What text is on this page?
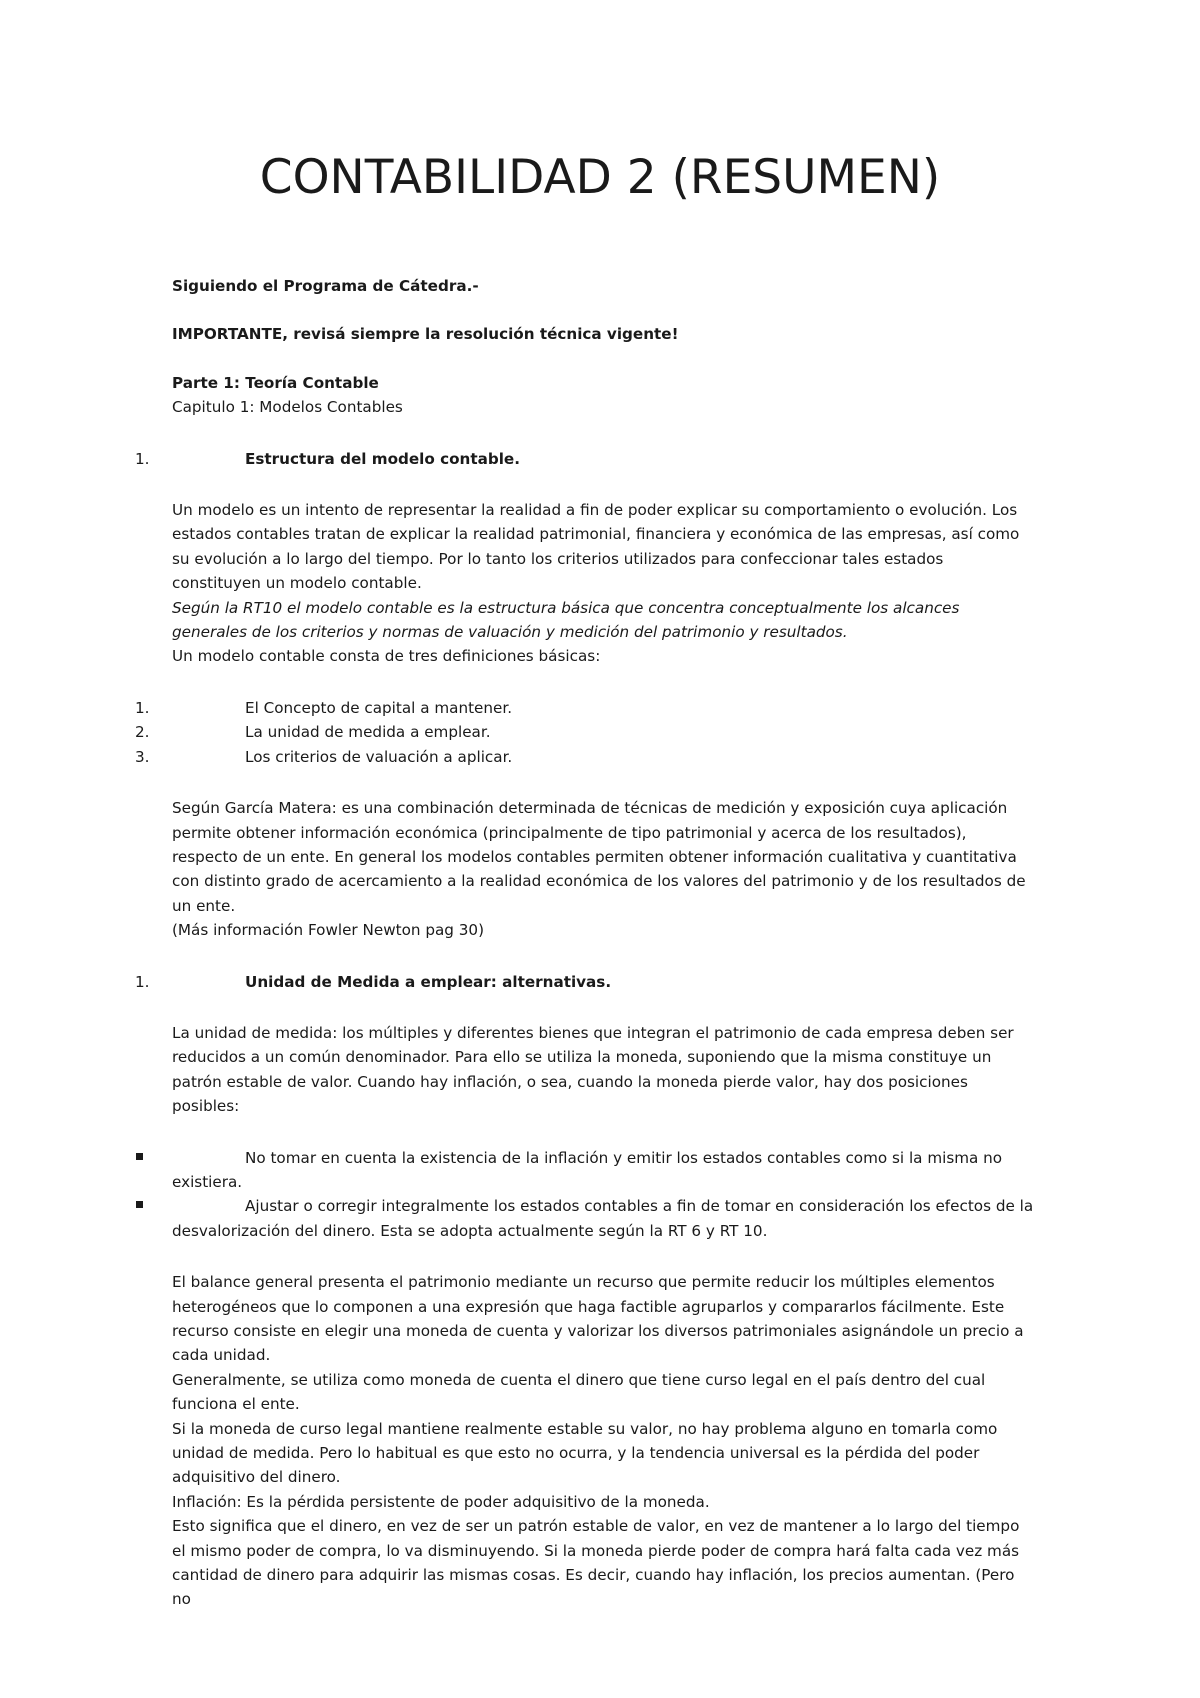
CONTABILIDAD 2 (RESUMEN)

Siguiendo el Programa de Cátedra.-

IMPORTANTE, revisá siempre la resolución técnica vigente!

Parte 1: Teoría Contable

Capitulo 1: Modelos Contables

1.	Estructura del modelo contable.

Un modelo es un intento de representar la realidad a fin de poder explicar su comportamiento o evolución. Los estados contables tratan de explicar la realidad patrimonial, financiera y económica de las empresas, así como su evolución a lo largo del tiempo. Por lo tanto los criterios utilizados para confeccionar tales estados constituyen un modelo contable.

Según la RT10 el modelo contable es la estructura básica que concentra conceptualmente los alcances generales de los criterios y normas de valuación y medición del patrimonio y resultados.

Un modelo contable consta de tres definiciones básicas:

1.	El Concepto de capital a mantener.
2.	La unidad de medida a emplear.
3.	Los criterios de valuación a aplicar.

Según García Matera: es una combinación determinada de técnicas de medición y exposición cuya aplicación permite obtener información económica (principalmente de tipo patrimonial y acerca de los resultados), respecto de un ente. En general los modelos contables permiten obtener información cualitativa y cuantitativa con distinto grado de acercamiento a la realidad económica de los valores del patrimonio y de los resultados de un ente.

(Más información Fowler Newton pag 30)

1.	Unidad de Medida a emplear: alternativas.

La unidad de medida: los múltiples y diferentes bienes que integran el patrimonio de cada empresa deben ser reducidos a un común denominador. Para ello se utiliza la moneda, suponiendo que la misma constituye un patrón estable de valor. Cuando hay inflación, o sea, cuando la moneda pierde valor, hay dos posiciones posibles:

No tomar en cuenta la existencia de la inflación y emitir los estados contables como si la misma no existiera.
Ajustar o corregir integralmente los estados contables a fin de tomar en consideración los efectos de la desvalorización del dinero. Esta se adopta actualmente según la RT 6 y RT 10.

El balance general presenta el patrimonio mediante un recurso que permite reducir los múltiples elementos heterogéneos que lo componen a una expresión que haga factible agruparlos y compararlos fácilmente. Este recurso consiste en elegir una moneda de cuenta y valorizar los diversos patrimoniales asignándole un precio a cada unidad.

Generalmente, se utiliza como moneda de cuenta el dinero que tiene curso legal en el país dentro del cual funciona el ente.

Si la moneda de curso legal mantiene realmente estable su valor, no hay problema alguno en tomarla como unidad de medida. Pero lo habitual es que esto no ocurra, y la tendencia universal es la pérdida del poder adquisitivo del dinero.

Inflación: Es la pérdida persistente de poder adquisitivo de la moneda.

Esto significa que el dinero, en vez de ser un patrón estable de valor, en vez de mantener a lo largo del tiempo el mismo poder de compra, lo va disminuyendo. Si la moneda pierde poder de compra hará falta cada vez más cantidad de dinero para adquirir las mismas cosas. Es decir, cuando hay inflación, los precios aumentan. (Pero no
